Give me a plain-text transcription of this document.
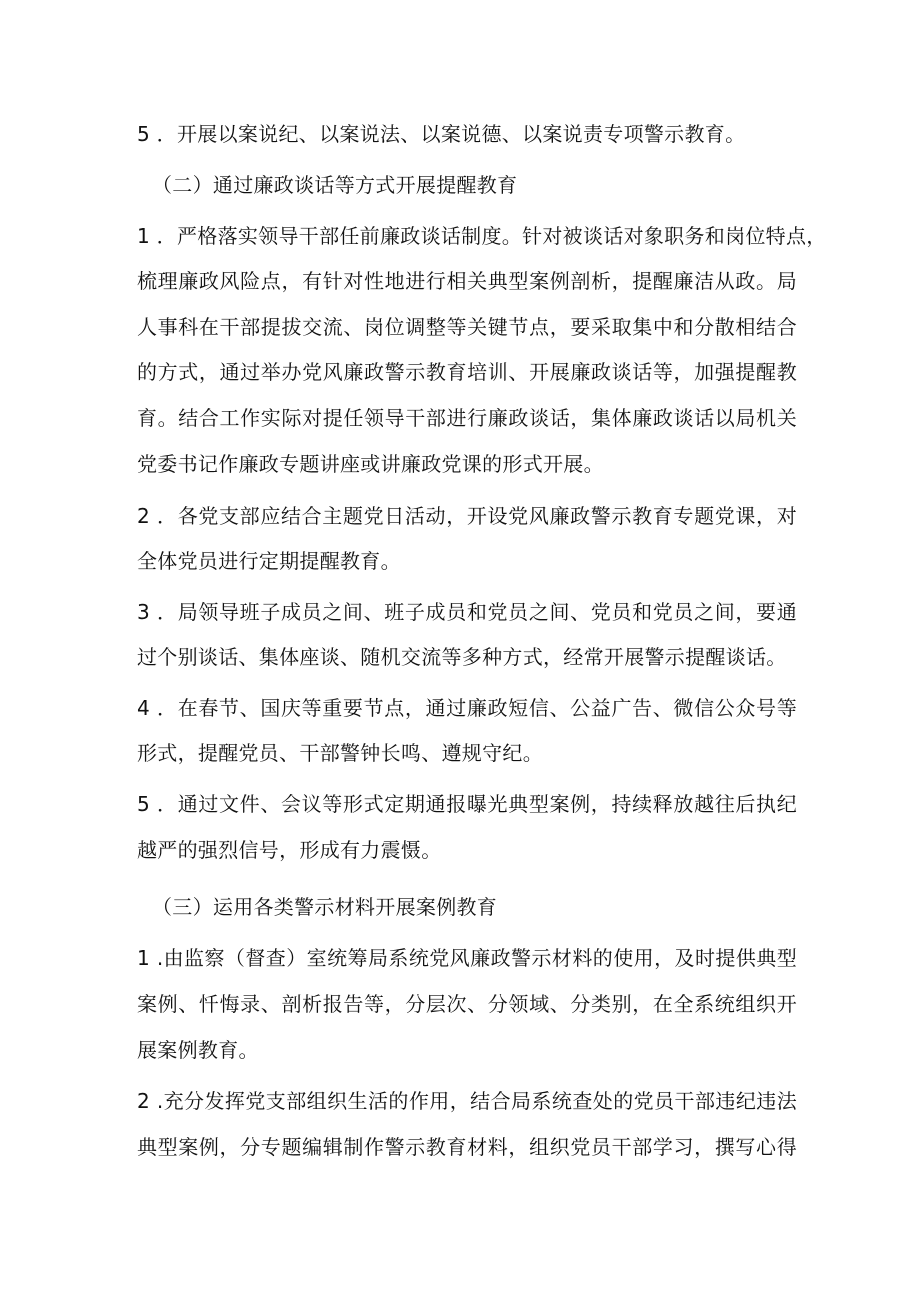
5 ．开展以案说纪、以案说法、以案说德、以案说责专项警示教育。
（二）通过廉政谈话等方式开展提醒教育
1 ．严格落实领导干部任前廉政谈话制度。针对被谈话对象职务和岗位特点，
梳理廉政风险点，有针对性地进行相关典型案例剖析，提醒廉洁从政。局
人事科在干部提拔交流、岗位调整等关键节点，要采取集中和分散相结合
的方式，通过举办党风廉政警示教育培训、开展廉政谈话等，加强提醒教
育。结合工作实际对提任领导干部进行廉政谈话，集体廉政谈话以局机关
党委书记作廉政专题讲座或讲廉政党课的形式开展。
2 ．各党支部应结合主题党日活动，开设党风廉政警示教育专题党课，对
全体党员进行定期提醒教育。
3 ．局领导班子成员之间、班子成员和党员之间、党员和党员之间，要通
过个别谈话、集体座谈、随机交流等多种方式，经常开展警示提醒谈话。
4 ．在春节、国庆等重要节点，通过廉政短信、公益广告、微信公众号等
形式，提醒党员、干部警钟长鸣、遵规守纪。
5 ．通过文件、会议等形式定期通报曝光典型案例，持续释放越往后执纪
越严的强烈信号，形成有力震慑。
（三）运用各类警示材料开展案例教育
1 .由监察（督查）室统筹局系统党风廉政警示材料的使用，及时提供典型
案例、忏悔录、剖析报告等，分层次、分领域、分类别，在全系统组织开
展案例教育。
2 .充分发挥党支部组织生活的作用，结合局系统查处的党员干部违纪违法
典型案例，分专题编辑制作警示教育材料，组织党员干部学习，撰写心得
